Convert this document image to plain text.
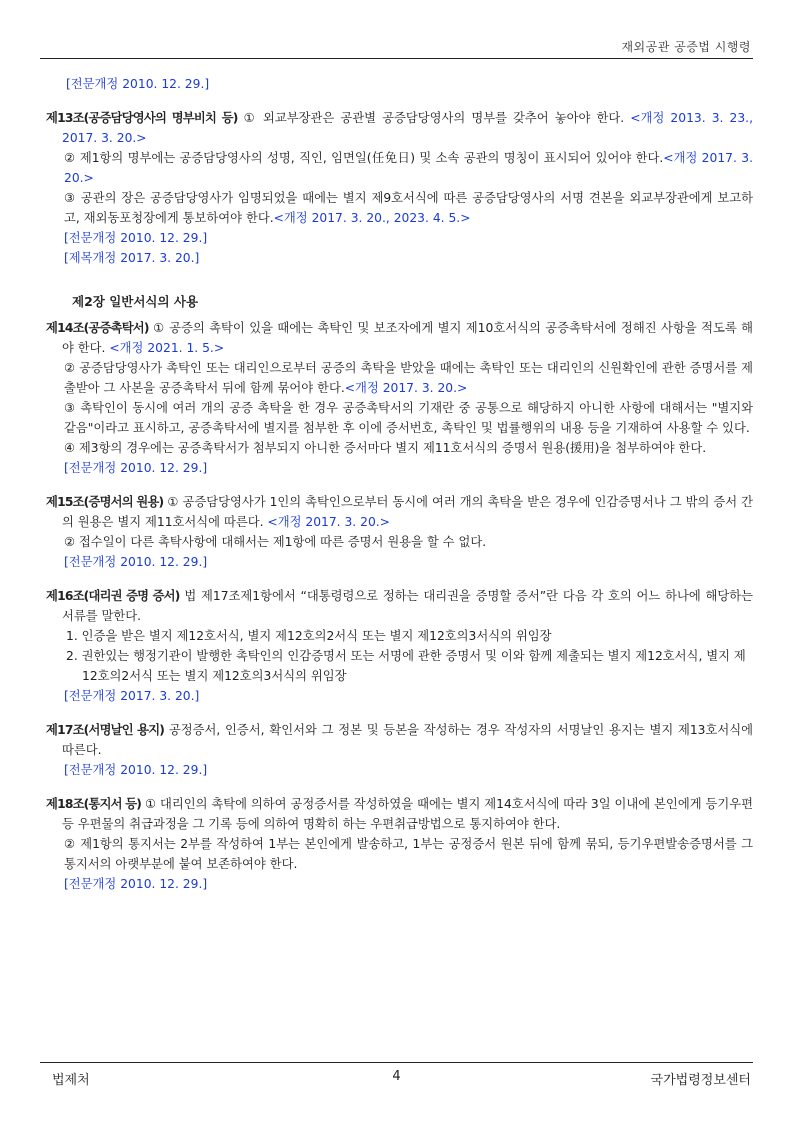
재외공관 공증법 시행령
[전문개정 2010. 12. 29.]
제13조(공증담당영사의 명부비치 등) ① 외교부장관은 공관별 공증담당영사의 명부를 갖추어 놓아야 한다. <개정 2013. 3. 23., 2017. 3. 20.>
② 제1항의 명부에는 공증담당영사의 성명, 직인, 임면일(任免日) 및 소속 공관의 명칭이 표시되어 있어야 한다.<개정 2017. 3. 20.>
③ 공관의 장은 공증담당영사가 임명되었을 때에는 별지 제9호서식에 따른 공증담당영사의 서명 견본을 외교부장관에게 보고하고, 재외동포청장에게 통보하여야 한다.<개정 2017. 3. 20., 2023. 4. 5.>
[전문개정 2010. 12. 29.]
[제목개정 2017. 3. 20.]
제2장 일반서식의 사용
제14조(공증촉탁서) ① 공증의 촉탁이 있을 때에는 촉탁인 및 보조자에게 별지 제10호서식의 공증촉탁서에 정해진 사항을 적도록 해야 한다. <개정 2021. 1. 5.>
② 공증담당영사가 촉탁인 또는 대리인으로부터 공증의 촉탁을 받았을 때에는 촉탁인 또는 대리인의 신원확인에 관한 증명서를 제출받아 그 사본을 공증촉탁서 뒤에 함께 묶어야 한다.<개정 2017. 3. 20.>
③ 촉탁인이 동시에 여러 개의 공증 촉탁을 한 경우 공증촉탁서의 기재란 중 공통으로 해당하지 아니한 사항에 대해서는 "별지와 같음"이라고 표시하고, 공증촉탁서에 별지를 첨부한 후 이에 증서번호, 촉탁인 및 법률행위의 내용 등을 기재하여 사용할 수 있다.
④ 제3항의 경우에는 공증촉탁서가 첨부되지 아니한 증서마다 별지 제11호서식의 증명서 원용(援用)을 첨부하여야 한다.
[전문개정 2010. 12. 29.]
제15조(증명서의 원용) ① 공증담당영사가 1인의 촉탁인으로부터 동시에 여러 개의 촉탁을 받은 경우에 인감증명서나 그 밖의 증서 간의 원용은 별지 제11호서식에 따른다. <개정 2017. 3. 20.>
② 접수일이 다른 촉탁사항에 대해서는 제1항에 따른 증명서 원용을 할 수 없다.
[전문개정 2010. 12. 29.]
제16조(대리권 증명 증서) 법 제17조제1항에서 “대통령령으로 정하는 대리권을 증명할 증서”란 다음 각 호의 어느 하나에 해당하는 서류를 말한다.
1. 인증을 받은 별지 제12호서식, 별지 제12호의2서식 또는 별지 제12호의3서식의 위임장
2. 권한있는 행정기관이 발행한 촉탁인의 인감증명서 또는 서명에 관한 증명서 및 이와 함께 제출되는 별지 제12호서식, 별지 제12호의2서식 또는 별지 제12호의3서식의 위임장
[전문개정 2017. 3. 20.]
제17조(서명날인 용지) 공정증서, 인증서, 확인서와 그 정본 및 등본을 작성하는 경우 작성자의 서명날인 용지는 별지 제13호서식에 따른다.
[전문개정 2010. 12. 29.]
제18조(통지서 등) ① 대리인의 촉탁에 의하여 공정증서를 작성하였을 때에는 별지 제14호서식에 따라 3일 이내에 본인에게 등기우편 등 우편물의 취급과정을 그 기록 등에 의하여 명확히 하는 우편취급방법으로 통지하여야 한다.
② 제1항의 통지서는 2부를 작성하여 1부는 본인에게 발송하고, 1부는 공정증서 원본 뒤에 함께 묶되, 등기우편발송증명서를 그 통지서의 아랫부분에 붙여 보존하여야 한다.
[전문개정 2010. 12. 29.]
법제처	4	국가법령정보센터
